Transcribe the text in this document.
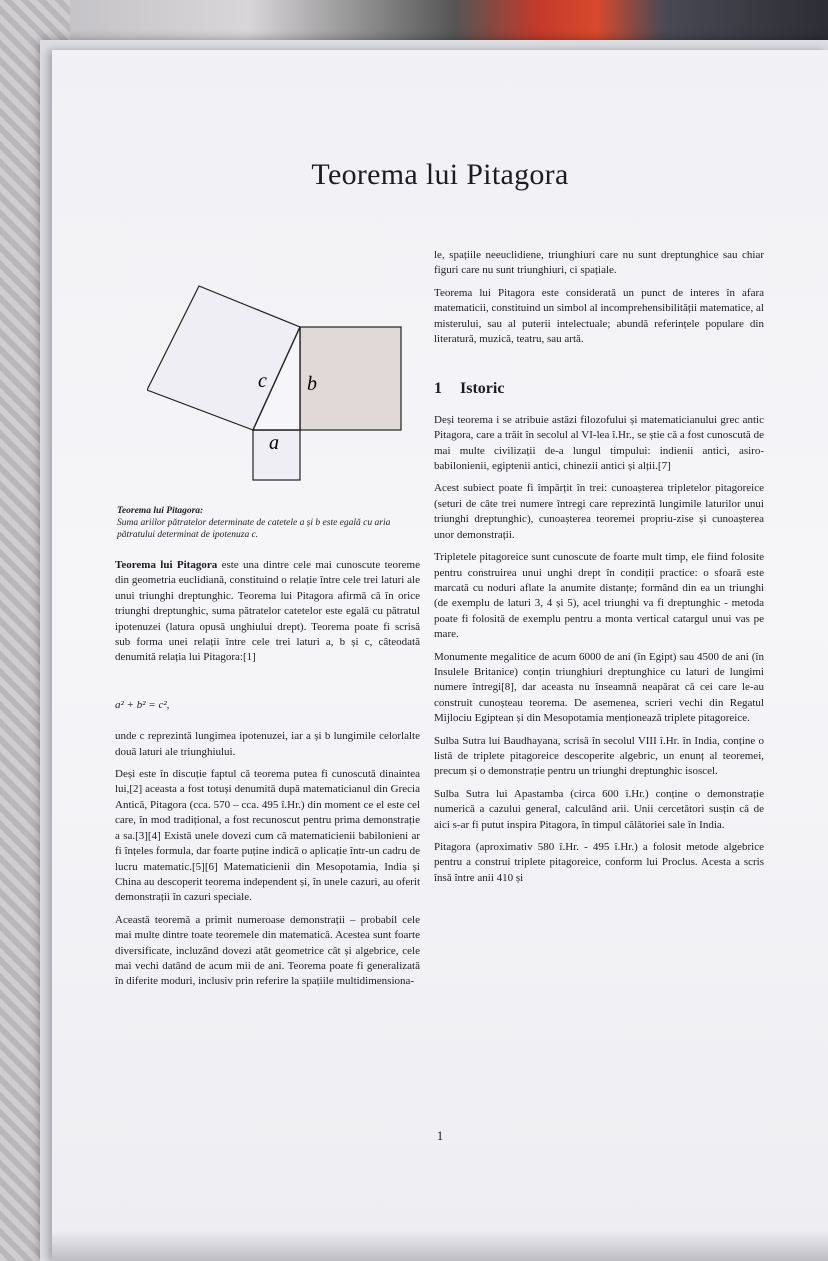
Teorema lui Pitagora
c b
a
Teorema lui Pitagora:
Suma ariilor pătratelor determinate de catetele a și b este egală cu aria pătratului determinat de ipotenuza c.

Teorema lui Pitagora este una dintre cele mai cunoscute teoreme din geometria euclidiană, constituind o relație între cele trei laturi ale unui triunghi dreptunghic. Teorema lui Pitagora afirmă că în orice triunghi dreptunghic, suma pătratelor catetelor este egală cu pătratul ipotenuzei (latura opusă unghiului drept). Teorema poate fi scrisă sub forma unei relații între cele trei laturi a, b și c, câteodată denumită relația lui Pitagora:[1]

a² + b² = c²,

unde c reprezintă lungimea ipotenuzei, iar a și b lungimile celorlalte două laturi ale triunghiului.

Deși este în discuție faptul că teorema putea fi cunoscută dinaintea lui,[2] aceasta a fost totuși denumită după matematicianul din Grecia Antică, Pitagora (cca. 570 – cca. 495 î.Hr.) din moment ce el este cel care, în mod tradițional, a fost recunoscut pentru prima demonstrație a sa.[3][4] Există unele dovezi cum că matematicienii babilonieni ar fi înțeles formula, dar foarte puține indică o aplicație într-un cadru de lucru matematic.[5][6] Matematicienii din Mesopotamia, India și China au descoperit teorema independent și, în unele cazuri, au oferit demonstrații în cazuri speciale.

Această teoremă a primit numeroase demonstrații – probabil cele mai multe dintre toate teoremele din matematică. Acestea sunt foarte diversificate, incluzând dovezi atât geometrice cât și algebrice, cele mai vechi datând de acum mii de ani. Teorema poate fi generalizată în diferite moduri, inclusiv prin referire la spațiile multidimensiona-

le, spațiile neeuclidiene, triunghiuri care nu sunt dreptunghice sau chiar figuri care nu sunt triunghiuri, ci spațiale.

Teorema lui Pitagora este considerată un punct de interes în afara matematicii, constituind un simbol al incomprehensibilității matematice, al misterului, sau al puterii intelectuale; abundă referințele populare din literatură, muzică, teatru, sau artă.

1 Istoric

Deși teorema i se atribuie astăzi filozofului și matematicianului grec antic Pitagora, care a trăit în secolul al VI-lea î.Hr., se știe că a fost cunoscută de mai multe civilizații de-a lungul timpului: indienii antici, asiro-babilonienii, egiptenii antici, chinezii antici și alții.[7]

Acest subiect poate fi împărțit în trei: cunoașterea tripletelor pitagoreice (seturi de câte trei numere întregi care reprezintă lungimile laturilor unui triunghi dreptunghic), cunoașterea teoremei propriu-zise și cunoașterea unor demonstrații.

Tripletele pitagoreice sunt cunoscute de foarte mult timp, ele fiind folosite pentru construirea unui unghi drept în condiții practice: o sfoară este marcată cu noduri aflate la anumite distanțe; formând din ea un triunghi (de exemplu de laturi 3, 4 și 5), acel triunghi va fi dreptunghic - metoda poate fi folosită de exemplu pentru a monta vertical catargul unui vas pe mare.

Monumente megalitice de acum 6000 de ani (în Egipt) sau 4500 de ani (în Insulele Britanice) conțin triunghiuri dreptunghice cu laturi de lungimi numere întregi[8], dar aceasta nu înseamnă neapărat că cei care le-au construit cunoșteau teorema. De asemenea, scrieri vechi din Regatul Mijlociu Egiptean și din Mesopotamia menționează triplete pitagoreice.

Sulba Sutra lui Baudhayana, scrisă în secolul VIII î.Hr. în India, conține o listă de triplete pitagoreice descoperite algebric, un enunț al teoremei, precum și o demonstrație pentru un triunghi dreptunghic isoscel.

Sulba Sutra lui Apastamba (circa 600 î.Hr.) conține o demonstrație numerică a cazului general, calculând arii. Unii cercetători susțin că de aici s-ar fi putut inspira Pitagora, în timpul călătoriei sale în India.

Pitagora (aproximativ 580 î.Hr. - 495 î.Hr.) a folosit metode algebrice pentru a construi triplete pitagoreice, conform lui Proclus. Acesta a scris însă între anii 410 și

1
